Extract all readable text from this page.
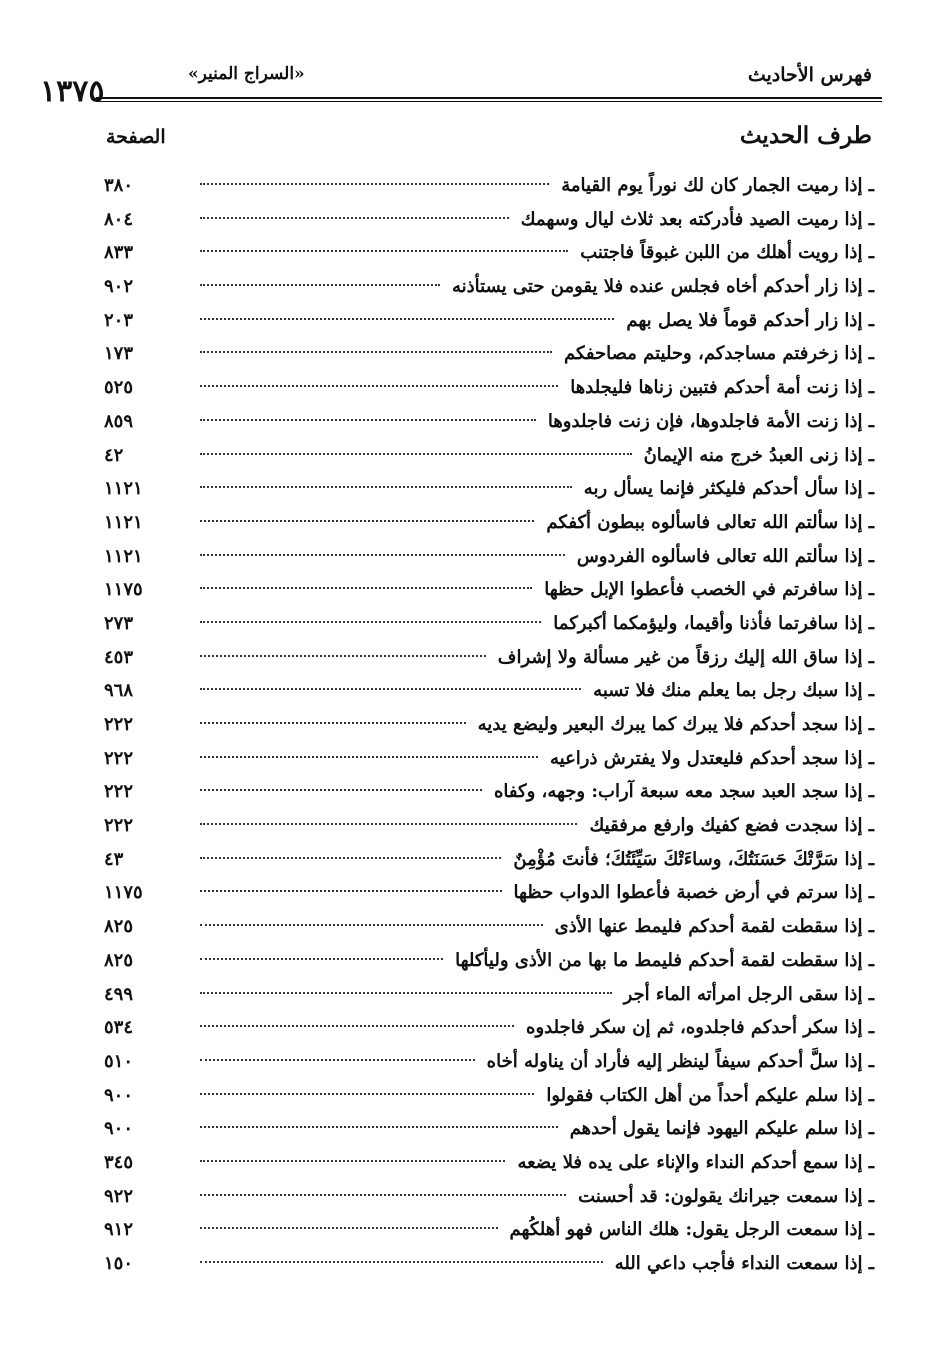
فهرس الأحاديث
«السراج المنير»
١٣٧٥
طرف الحديث
الصفحة
ـ إذا رميت الجمار كان لك نوراً يوم القيامة
٣٨٠
ـ إذا رميت الصيد فأدركته بعد ثلاث ليال وسهمك
٨٠٤
ـ إذا رويت أهلك من اللبن غبوقاً فاجتنب
٨٣٣
ـ إذا زار أحدكم أخاه فجلس عنده فلا يقومن حتى يستأذنه
٩٠٢
ـ إذا زار أحدكم قوماً فلا يصل بهم
٢٠٣
ـ إذا زخرفتم مساجدكم، وحليتم مصاحفكم
١٧٣
ـ إذا زنت أمة أحدكم فتبين زناها فليجلدها
٥٢٥
ـ إذا زنت الأمة فاجلدوها، فإن زنت فاجلدوها
٨٥٩
ـ إذا زنى العبدُ خرج منه الإيمانُ
٤٢
ـ إذا سأل أحدكم فليكثر فإنما يسأل ربه
١١٢١
ـ إذا سألتم الله تعالى فاسألوه ببطون أكفكم
١١٢١
ـ إذا سألتم الله تعالى فاسألوه الفردوس
١١٢١
ـ إذا سافرتم في الخصب فأعطوا الإبل حظها
١١٧٥
ـ إذا سافرتما فأذنا وأقيما، وليؤمكما أكبركما
٢٧٣
ـ إذا ساق الله إليك رزقاً من غير مسألة ولا إشراف
٤٥٣
ـ إذا سبك رجل بما يعلم منك فلا تسبه
٩٦٨
ـ إذا سجد أحدكم فلا يبرك كما يبرك البعير وليضع يديه
٢٢٢
ـ إذا سجد أحدكم فليعتدل ولا يفترش ذراعيه
٢٢٢
ـ إذا سجد العبد سجد معه سبعة آراب: وجهه، وكفاه
٢٢٢
ـ إذا سجدت فضع كفيك وارفع مرفقيك
٢٢٢
ـ إذا سَرَّتْكَ حَسَنَتُكَ، وساءَتْكَ سَيِّئَتُكَ؛ فأنتَ مُؤْمِنٌ
٤٣
ـ إذا سرتم في أرض خصبة فأعطوا الدواب حظها
١١٧٥
ـ إذا سقطت لقمة أحدكم فليمط عنها الأذى
٨٢٥
ـ إذا سقطت لقمة أحدكم فليمط ما بها من الأذى وليأكلها
٨٢٥
ـ إذا سقى الرجل امرأته الماء أجر
٤٩٩
ـ إذا سكر أحدكم فاجلدوه، ثم إن سكر فاجلدوه
٥٣٤
ـ إذا سلَّ أحدكم سيفاً لينظر إليه فأراد أن يناوله أخاه
٥١٠
ـ إذا سلم عليكم أحداً من أهل الكتاب فقولوا
٩٠٠
ـ إذا سلم عليكم اليهود فإنما يقول أحدهم
٩٠٠
ـ إذا سمع أحدكم النداء والإناء على يده فلا يضعه
٣٤٥
ـ إذا سمعت جيرانك يقولون: قد أحسنت
٩٢٢
ـ إذا سمعت الرجل يقول: هلك الناس فهو أهلكُهم
٩١٢
ـ إذا سمعت النداء فأجب داعي الله
١٥٠
